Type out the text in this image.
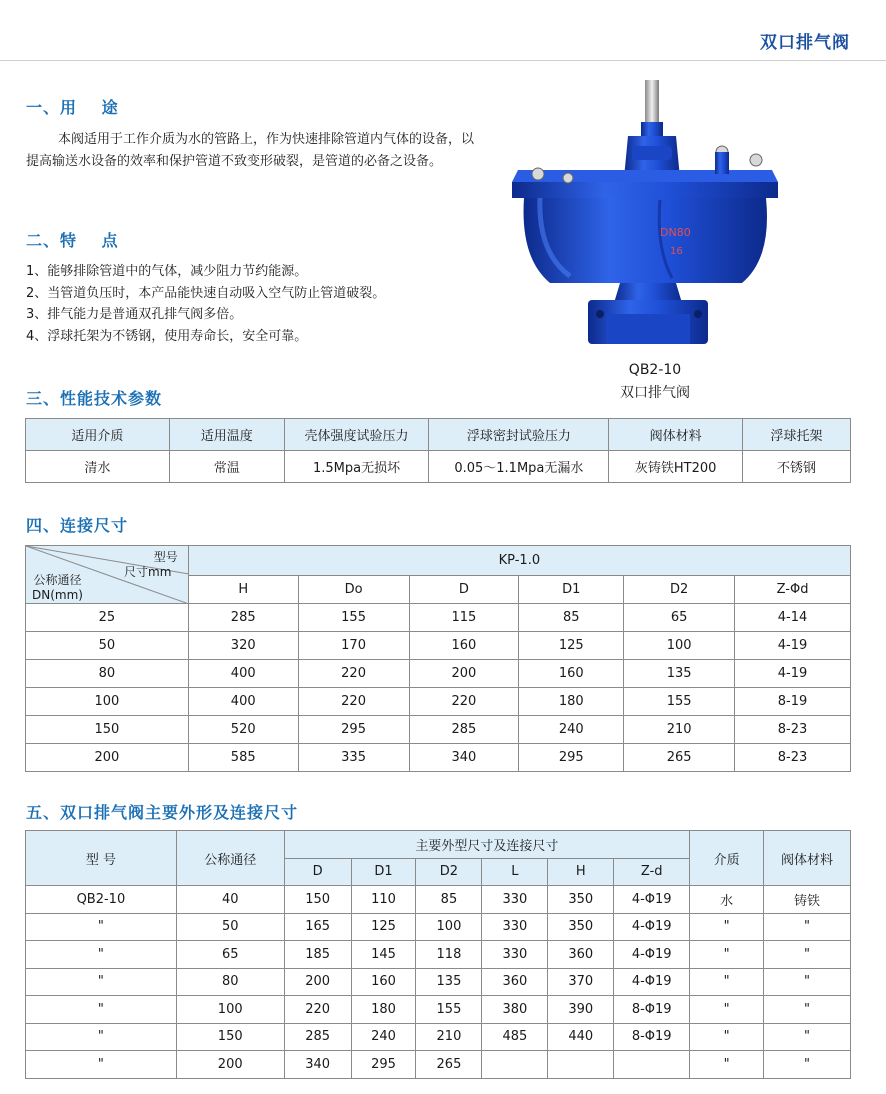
双口排气阀
一、用 途

本阀适用于工作介质为水的管路上，作为快速排除管道内气体的设备，以提高输送水设备的效率和保护管道不致变形破裂，是管道的必备之设备。

二、特 点
1、能够排除管道中的气体，减少阻力节约能源。
2、当管道负压时，本产品能快速自动吸入空气防止管道破裂。
3、排气能力是普通双孔排气阀多倍。
4、浮球托架为不锈钢，使用寿命长，安全可靠。
DN80
16
QB2-10
双口排气阀
三、性能技术参数
适用介质	适用温度	壳体强度试验压力	浮球密封试验压力	阀体材料	浮球托架
清水	常温	1.5Mpa无损坏	0.05～1.1Mpa无漏水	灰铸铁HT200	不锈钢
四、连接尺寸
型号
尺寸mm
公称通径
DN(mm)	KP-1.0					
	H	Do	D	D1	D2	Z-Φd
25	285	155	115	85	65	4-14
50	320	170	160	125	100	4-19
80	400	220	200	160	135	4-19
100	400	220	220	180	155	8-19
150	520	295	285	240	210	8-23
200	585	335	340	295	265	8-23
五、双口排气阀主要外形及连接尺寸
型 号	公称通径	主要外型尺寸及连接尺寸						介质	阀体材料
		D	D1	D2	L	H	Z-d		
QB2-10	40	150	110	85	330	350	4-Φ19	水	铸铁
"	50	165	125	100	330	350	4-Φ19	"	"
"	65	185	145	118	330	360	4-Φ19	"	"
"	80	200	160	135	360	370	4-Φ19	"	"
"	100	220	180	155	380	390	8-Φ19	"	"
"	150	285	240	210	485	440	8-Φ19	"	"
"	200	340	295	265				"	"
